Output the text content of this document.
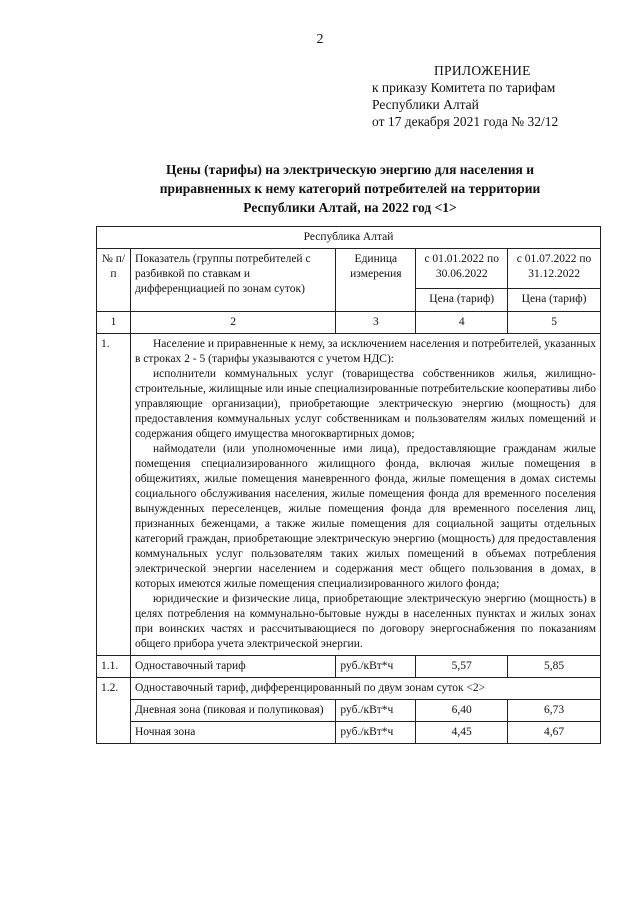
2
ПРИЛОЖЕНИЕ
к приказу Комитета по тарифам
Республики Алтай
от 17 декабря 2021 года № 32/12
Цены (тарифы) на электрическую энергию для населения и
приравненных к нему категорий потребителей на территории
Республики Алтай, на 2022 год <1>
Республика Алтай				
№ п/п	Показатель (группы потребителей с разбивкой по ставкам и дифференциацией по зонам суток)	Единица измерения	с 01.01.2022 по 30.06.2022	с 01.07.2022 по 31.12.2022
			Цена (тариф)	Цена (тариф)
1	2	3	4	5
1.	Население и приравненные к нему, за исключением населения и потребителей, указанных в строках 2 - 5 (тарифы указываются с учетом НДС):

исполнители коммунальных услуг (товарищества собственников жилья, жилищно-строительные, жилищные или иные специализированные потребительские кооперативы либо управляющие организации), приобретающие электрическую энергию (мощность) для предоставления коммунальных услуг собственникам и пользователям жилых помещений и содержания общего имущества многоквартирных домов;

наймодатели (или уполномоченные ими лица), предоставляющие гражданам жилые помещения специализированного жилищного фонда, включая жилые помещения в общежитиях, жилые помещения маневренного фонда, жилые помещения в домах системы социального обслуживания населения, жилые помещения фонда для временного поселения вынужденных переселенцев, жилые помещения фонда для временного поселения лиц, признанных беженцами, а также жилые помещения для социальной защиты отдельных категорий граждан, приобретающие электрическую энергию (мощность) для предоставления коммунальных услуг пользователям таких жилых помещений в объемах потребления электрической энергии населением и содержания мест общего пользования в домах, в которых имеются жилые помещения специализированного жилого фонда;

юридические и физические лица, приобретающие электрическую энергию (мощность) в целях потребления на коммунально-бытовые нужды в населенных пунктах и жилых зонах при воинских частях и рассчитывающиеся по договору энергоснабжения по показаниям общего прибора учета электрической энергии.			

1.1.	Одноставочный тариф	руб./кВт*ч	5,57	5,85
1.2.	Одноставочный тариф, дифференцированный по двум зонам суток <2>			
	Дневная зона (пиковая и полупиковая)	руб./кВт*ч	6,40	6,73
	Ночная зона	руб./кВт*ч	4,45	4,67
